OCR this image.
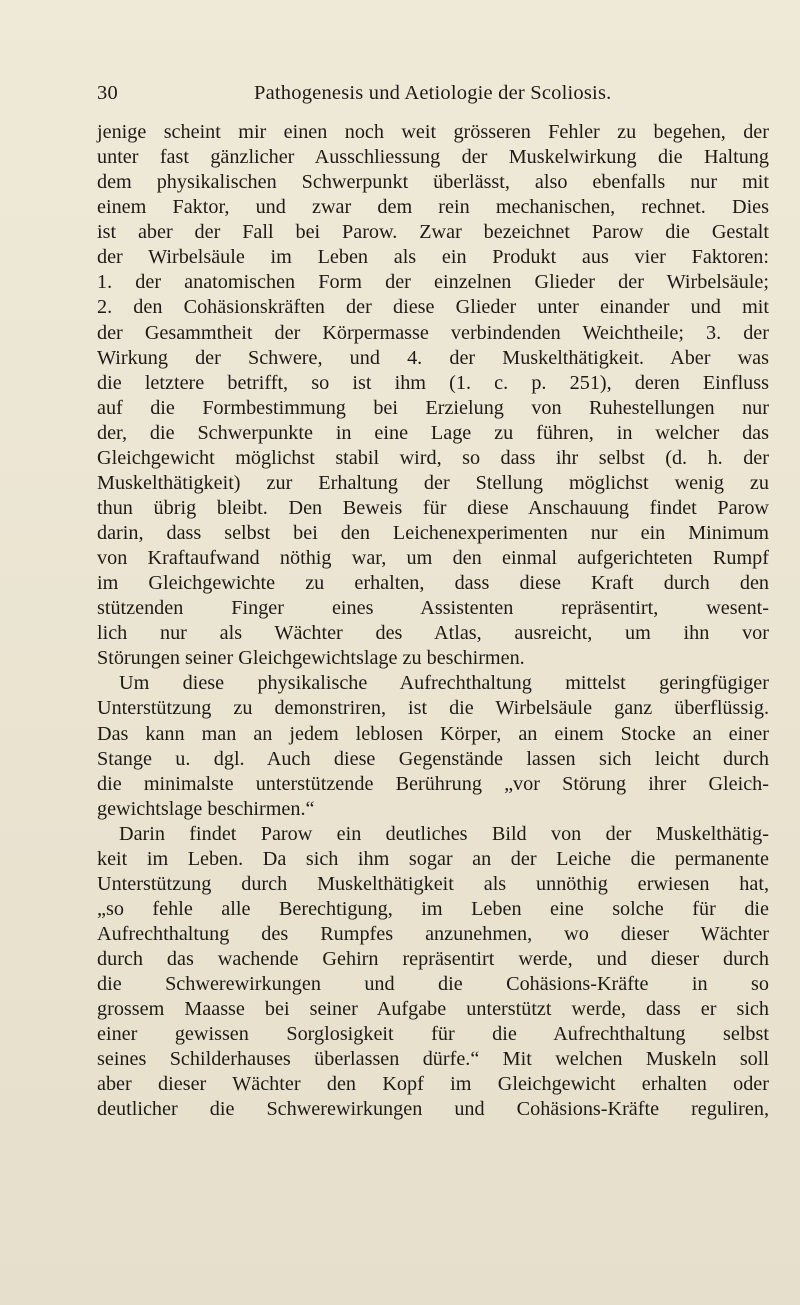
30	Pathogenesis und Aetiologie der Scoliosis.
jenige scheint mir einen noch weit grösseren Fehler zu begehen, der
unter fast gänzlicher Ausschliessung der Muskelwirkung die Haltung
dem physikalischen Schwerpunkt überlässt, also ebenfalls nur mit
einem Faktor, und zwar dem rein mechanischen, rechnet. Dies
ist aber der Fall bei Parow. Zwar bezeichnet Parow die Gestalt
der Wirbelsäule im Leben als ein Produkt aus vier Faktoren:
1. der anatomischen Form der einzelnen Glieder der Wirbelsäule;
2. den Cohäsionskräften der diese Glieder unter einander und mit
der Gesammtheit der Körpermasse verbindenden Weichtheile; 3. der
Wirkung der Schwere, und 4. der Muskelthätigkeit. Aber was
die letztere betrifft, so ist ihm (1. c. p. 251), deren Einfluss
auf die Formbestimmung bei Erzielung von Ruhestellungen nur
der, die Schwerpunkte in eine Lage zu führen, in welcher das
Gleichgewicht möglichst stabil wird, so dass ihr selbst (d. h. der
Muskelthätigkeit) zur Erhaltung der Stellung möglichst wenig zu
thun übrig bleibt. Den Beweis für diese Anschauung findet Parow
darin, dass selbst bei den Leichenexperimenten nur ein Minimum
von Kraftaufwand nöthig war, um den einmal aufgerichteten Rumpf
im Gleichgewichte zu erhalten, dass diese Kraft durch den
stützenden Finger eines Assistenten repräsentirt, wesent-
lich nur als Wächter des Atlas, ausreicht, um ihn vor
Störungen seiner Gleichgewichtslage zu beschirmen.
Um diese physikalische Aufrechthaltung mittelst geringfügiger
Unterstützung zu demonstriren, ist die Wirbelsäule ganz überflüssig.
Das kann man an jedem leblosen Körper, an einem Stocke an einer
Stange u. dgl. Auch diese Gegenstände lassen sich leicht durch
die minimalste unterstützende Berührung „vor Störung ihrer Gleich-
gewichtslage beschirmen.“
Darin findet Parow ein deutliches Bild von der Muskelthätig-
keit im Leben. Da sich ihm sogar an der Leiche die permanente
Unterstützung durch Muskelthätigkeit als unnöthig erwiesen hat,
„so fehle alle Berechtigung, im Leben eine solche für die
Aufrechthaltung des Rumpfes anzunehmen, wo dieser Wächter
durch das wachende Gehirn repräsentirt werde, und dieser durch
die Schwerewirkungen und die Cohäsions-Kräfte in so
grossem Maasse bei seiner Aufgabe unterstützt werde, dass er sich
einer gewissen Sorglosigkeit für die Aufrechthaltung selbst
seines Schilderhauses überlassen dürfe.“ Mit welchen Muskeln soll
aber dieser Wächter den Kopf im Gleichgewicht erhalten oder
deutlicher die Schwerewirkungen und Cohäsions-Kräfte reguliren,
